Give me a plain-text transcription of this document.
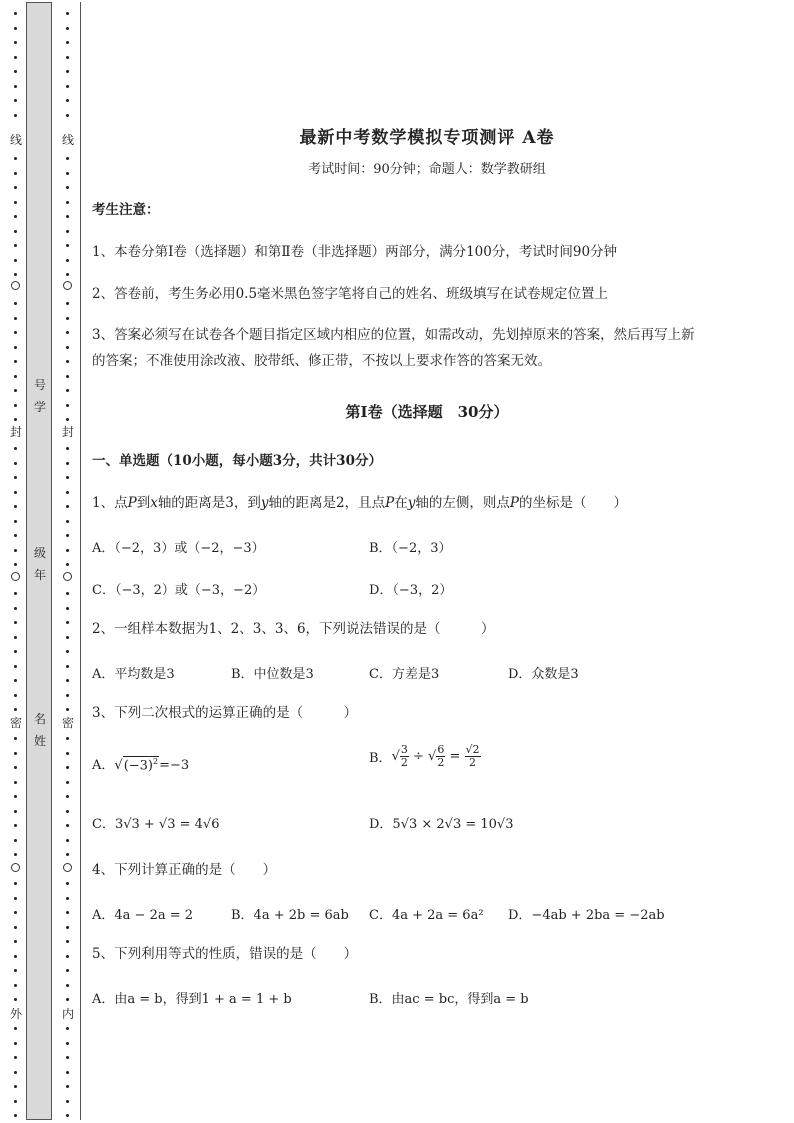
号
学
级
年
名
姓
线
封
密
外
线
封
密
内
最新中考数学模拟专项测评 A卷
考试时间：90分钟；命题人：数学教研组
考生注意：
1、本卷分第I卷（选择题）和第Ⅱ卷（非选择题）两部分，满分100分，考试时间90分钟
2、答卷前，考生务必用0.5毫米黑色签字笔将自己的姓名、班级填写在试卷规定位置上
3、答案必须写在试卷各个题目指定区域内相应的位置，如需改动，先划掉原来的答案，然后再写上新
的答案；不准使用涂改液、胶带纸、修正带，不按以上要求作答的答案无效。
第I卷（选择题　30分）
一、单选题（10小题，每小题3分，共计30分）
1、点P到x轴的距离是3，到y轴的距离是2，且点P在y轴的左侧，则点P的坐标是（　　）
A．（−2，3）或（−2，−3）	B．（−2，3）
C．（−3，2）或（−3，−2）	D．（−3，2）
2、一组样本数据为1、2、3、3、6，下列说法错误的是（　　　）
A．平均数是3	B．中位数是3	C．方差是3	D．众数是3
3、下列二次根式的运算正确的是（　　　）
A．$√(-3)^2=-3$	B．√ $\frac{3}{2}$ ÷ √ $\frac{6}{2} = \frac{√2}{2}$
C．3√3 + √3 = 4√6	D．5√3 × 2√3 = 10√3
4、下列计算正确的是（　　）
A．4a − 2a = 2	B．4a + 2b = 6ab C．4a + 2a = 6a² D．−4ab + 2ba = −2ab
5、下列利用等式的性质，错误的是（　　）
A．由a = b，得到1 + a = 1 + b	B．由ac = bc，得到a = b
